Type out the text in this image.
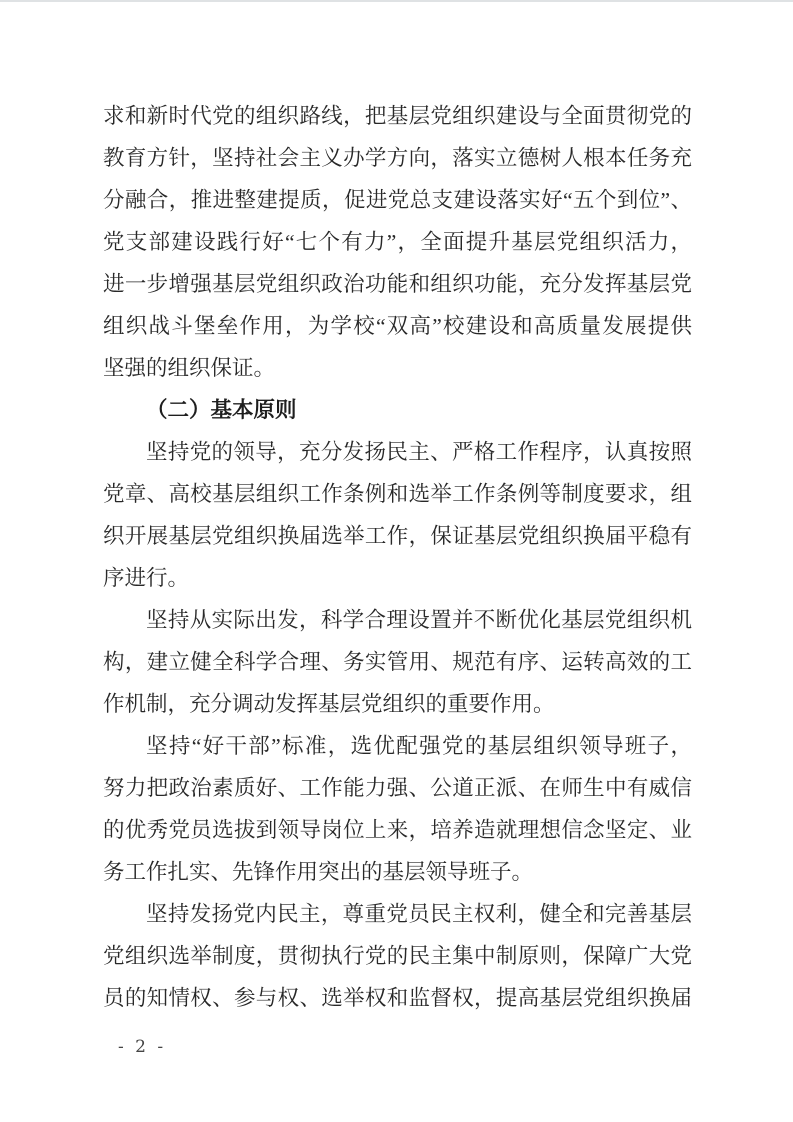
求和新时代党的组织路线，把基层党组织建设与全面贯彻党的
教育方针，坚持社会主义办学方向，落实立德树人根本任务充
分融合，推进整建提质，促进党总支建设落实好“五个到位”、
党支部建设践行好“七个有力”，全面提升基层党组织活力，
进一步增强基层党组织政治功能和组织功能，充分发挥基层党
组织战斗堡垒作用，为学校“双高”校建设和高质量发展提供
坚强的组织保证。
（二）基本原则
坚持党的领导，充分发扬民主、严格工作程序，认真按照
党章、高校基层组织工作条例和选举工作条例等制度要求，组
织开展基层党组织换届选举工作，保证基层党组织换届平稳有
序进行。
坚持从实际出发，科学合理设置并不断优化基层党组织机
构，建立健全科学合理、务实管用、规范有序、运转高效的工
作机制，充分调动发挥基层党组织的重要作用。
坚持“好干部”标准，选优配强党的基层组织领导班子，
努力把政治素质好、工作能力强、公道正派、在师生中有威信
的优秀党员选拔到领导岗位上来，培养造就理想信念坚定、业
务工作扎实、先锋作用突出的基层领导班子。
坚持发扬党内民主，尊重党员民主权利，健全和完善基层
党组织选举制度，贯彻执行党的民主集中制原则，保障广大党
员的知情权、参与权、选举权和监督权，提高基层党组织换届
- 2 -
